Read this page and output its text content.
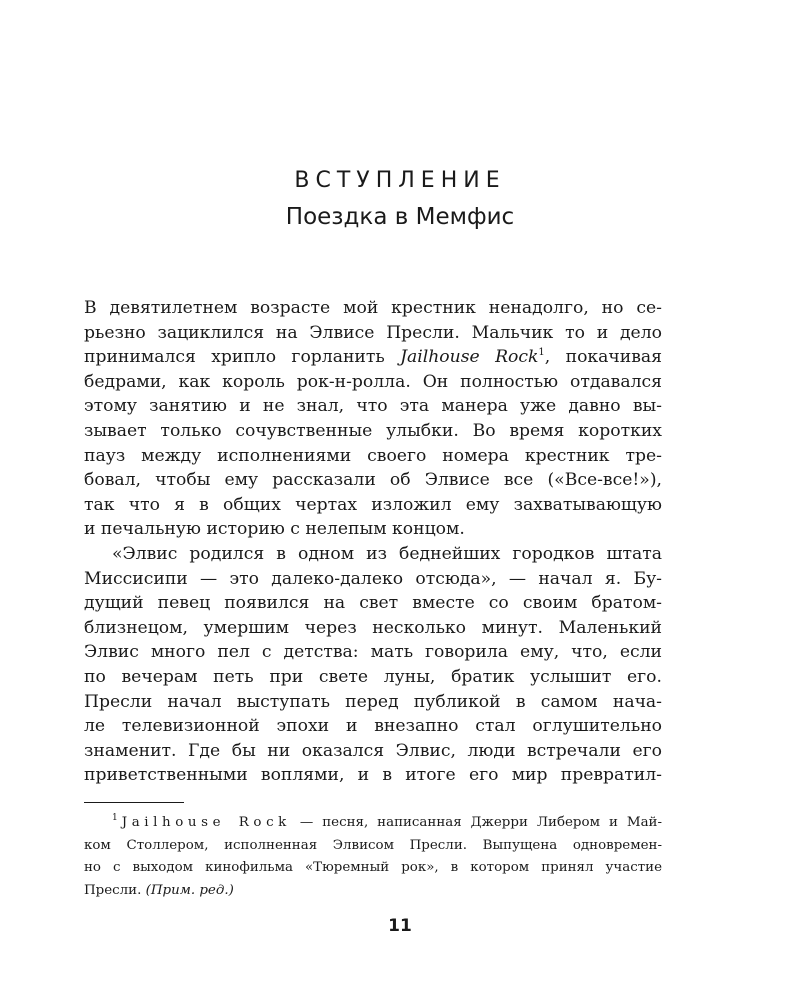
ВСТУПЛЕНИЕ
Поездка в Мемфис
В девятилетнем возрасте мой крестник ненадолго, но се-
рьезно зациклился на Элвисе Пресли. Мальчик то и дело
принимался хрипло горланить Jailhouse Rock$^1$, покачивая
бедрами, как король рок-н-ролла. Он полностью отдавался
этому занятию и не знал, что эта манера уже давно вы-
зывает только сочувственные улыбки. Во время коротких
пауз между исполнениями своего номера крестник тре-
бовал, чтобы ему рассказали об Элвисе все («Все-все!»),
так что я в общих чертах изложил ему захватывающую
и печальную историю с нелепым концом.
«Элвис родился в одном из беднейших городков штата
Миссисипи — это далеко-далеко отсюда», — начал я. Бу-
дущий певец появился на свет вместе со своим братом-
близнецом, умершим через несколько минут. Маленький
Элвис много пел с детства: мать говорила ему, что, если
по вечерам петь при свете луны, братик услышит его.
Пресли начал выступать перед публикой в самом нача-
ле телевизионной эпохи и внезапно стал оглушительно
знаменит. Где бы ни оказался Элвис, люди встречали его
приветственными воплями, и в итоге его мир превратил-
$^1$ Jailhouse Rock — песня, написанная Джерри Либером и Май-
ком Столлером, исполненная Элвисом Пресли. Выпущена одновремен-
но с выходом кинофильма «Тюремный рок», в котором принял участие
Пресли. (Прим. ред.)
11
